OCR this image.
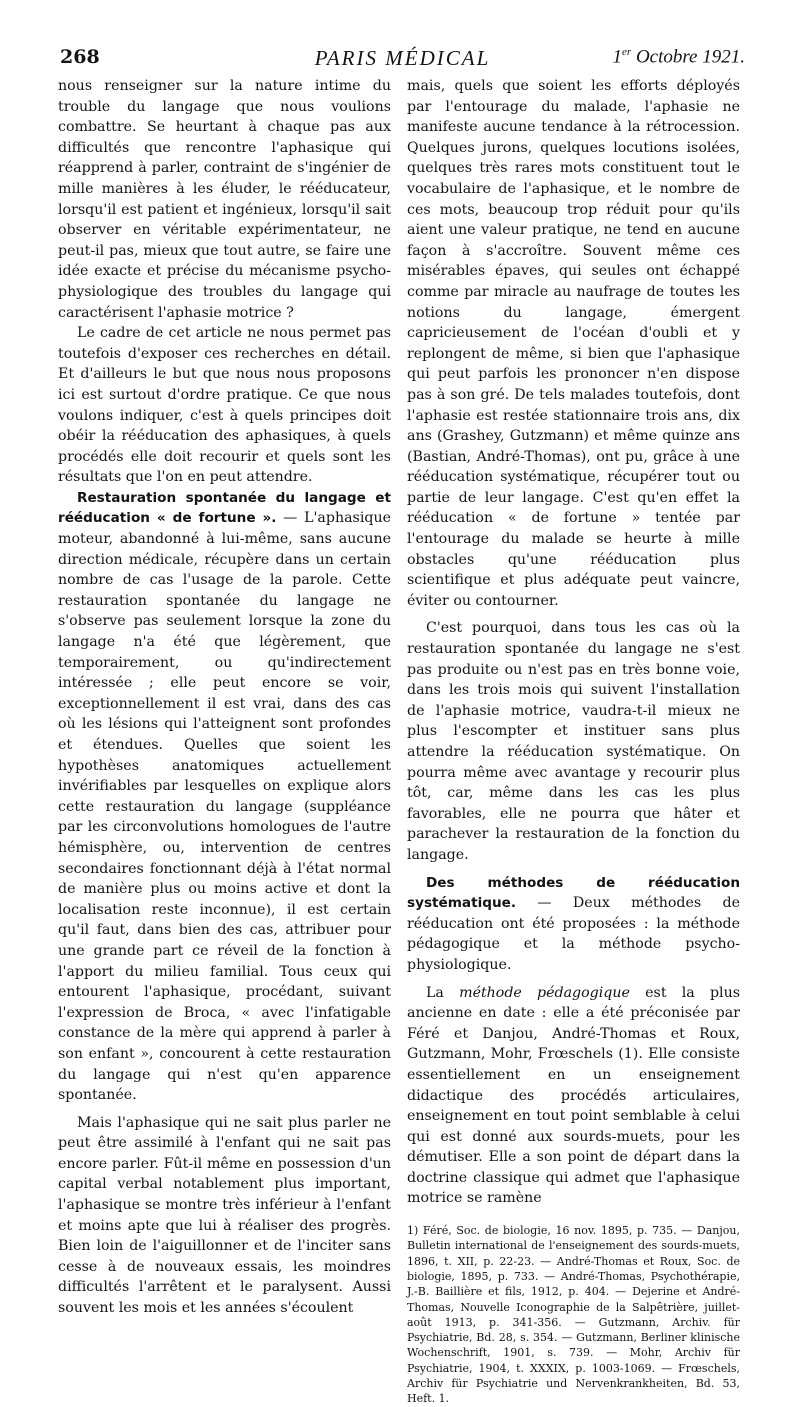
268	PARIS MÉDICAL	1er Octobre 1921.

nous renseigner sur la nature intime du trouble du langage que nous voulions combattre. Se heurtant à chaque pas aux difficultés que rencontre l'aphasique qui réapprend à parler, contraint de s'ingénier de mille manières à les éluder, le rééducateur, lorsqu'il est patient et ingénieux, lorsqu'il sait observer en véritable expérimentateur, ne peut-il pas, mieux que tout autre, se faire une idée exacte et précise du mécanisme psycho-physiologique des troubles du langage qui caractérisent l'aphasie motrice ?

Le cadre de cet article ne nous permet pas toutefois d'exposer ces recherches en détail. Et d'ailleurs le but que nous nous proposons ici est surtout d'ordre pratique. Ce que nous voulons indiquer, c'est à quels principes doit obéir la rééducation des aphasiques, à quels procédés elle doit recourir et quels sont les résultats que l'on en peut attendre.

Restauration spontanée du langage et rééducation « de fortune ». — L'aphasique moteur, abandonné à lui-même, sans aucune direction médicale, récupère dans un certain nombre de cas l'usage de la parole. Cette restauration spontanée du langage ne s'observe pas seulement lorsque la zone du langage n'a été que légèrement, que temporairement, ou qu'indirectement intéressée ; elle peut encore se voir, exceptionnellement il est vrai, dans des cas où les lésions qui l'atteignent sont profondes et étendues. Quelles que soient les hypothèses anatomiques actuellement invérifiables par lesquelles on explique alors cette restauration du langage (suppléance par les circonvolutions homologues de l'autre hémisphère, ou, intervention de centres secondaires fonctionnant déjà à l'état normal de manière plus ou moins active et dont la localisation reste inconnue), il est certain qu'il faut, dans bien des cas, attribuer pour une grande part ce réveil de la fonction à l'apport du milieu familial. Tous ceux qui entourent l'aphasique, procédant, suivant l'expression de Broca, « avec l'infatigable constance de la mère qui apprend à parler à son enfant », concourent à cette restauration du langage qui n'est qu'en apparence spontanée.

Mais l'aphasique qui ne sait plus parler ne peut être assimilé à l'enfant qui ne sait pas encore parler. Fût-il même en possession d'un capital verbal notablement plus important, l'aphasique se montre très inférieur à l'enfant et moins apte que lui à réaliser des progrès. Bien loin de l'aiguillonner et de l'inciter sans cesse à de nouveaux essais, les moindres difficultés l'arrêtent et le paralysent. Aussi souvent les mois et les années s'écoulent

mais, quels que soient les efforts déployés par l'entourage du malade, l'aphasie ne manifeste aucune tendance à la rétrocession. Quelques jurons, quelques locutions isolées, quelques très rares mots constituent tout le vocabulaire de l'aphasique, et le nombre de ces mots, beaucoup trop réduit pour qu'ils aient une valeur pratique, ne tend en aucune façon à s'accroître. Souvent même ces misérables épaves, qui seules ont échappé comme par miracle au naufrage de toutes les notions du langage, émergent capricieusement de l'océan d'oubli et y replongent de même, si bien que l'aphasique qui peut parfois les prononcer n'en dispose pas à son gré. De tels malades toutefois, dont l'aphasie est restée stationnaire trois ans, dix ans (Grashey, Gutzmann) et même quinze ans (Bastian, André-Thomas), ont pu, grâce à une rééducation systématique, récupérer tout ou partie de leur langage. C'est qu'en effet la rééducation « de fortune » tentée par l'entourage du malade se heurte à mille obstacles qu'une rééducation plus scientifique et plus adéquate peut vaincre, éviter ou contourner.

C'est pourquoi, dans tous les cas où la restauration spontanée du langage ne s'est pas produite ou n'est pas en très bonne voie, dans les trois mois qui suivent l'installation de l'aphasie motrice, vaudra-t-il mieux ne plus l'escompter et instituer sans plus attendre la rééducation systématique. On pourra même avec avantage y recourir plus tôt, car, même dans les cas les plus favorables, elle ne pourra que hâter et parachever la restauration de la fonction du langage.

Des méthodes de rééducation systématique. — Deux méthodes de rééducation ont été proposées : la méthode pédagogique et la méthode psycho-physiologique.

La méthode pédagogique est la plus ancienne en date : elle a été préconisée par Féré et Danjou, André-Thomas et Roux, Gutzmann, Mohr, Frœschels (1). Elle consiste essentiellement en un enseignement didactique des procédés articulaires, enseignement en tout point semblable à celui qui est donné aux sourds-muets, pour les démutiser. Elle a son point de départ dans la doctrine classique qui admet que l'aphasique motrice se ramène

1) Féré, Soc. de biologie, 16 nov. 1895, p. 735. — Danjou, Bulletin international de l'enseignement des sourds-muets, 1896, t. XII, p. 22-23. — André-Thomas et Roux, Soc. de biologie, 1895, p. 733. — André-Thomas, Psychothérapie, J.-B. Baillière et fils, 1912, p. 404. — Dejerine et André-Thomas, Nouvelle Iconographie de la Salpêtrière, juillet-août 1913, p. 341-356. — Gutzmann, Archiv. für Psychiatrie, Bd. 28, s. 354. — Gutzmann, Berliner klinische Wochenschrift, 1901, s. 739. — Mohr, Archiv für Psychiatrie, 1904, t. XXXIX, p. 1003-1069. — Frœschels, Archiv für Psychiatrie und Nervenkrankheiten, Bd. 53, Heft. 1.
